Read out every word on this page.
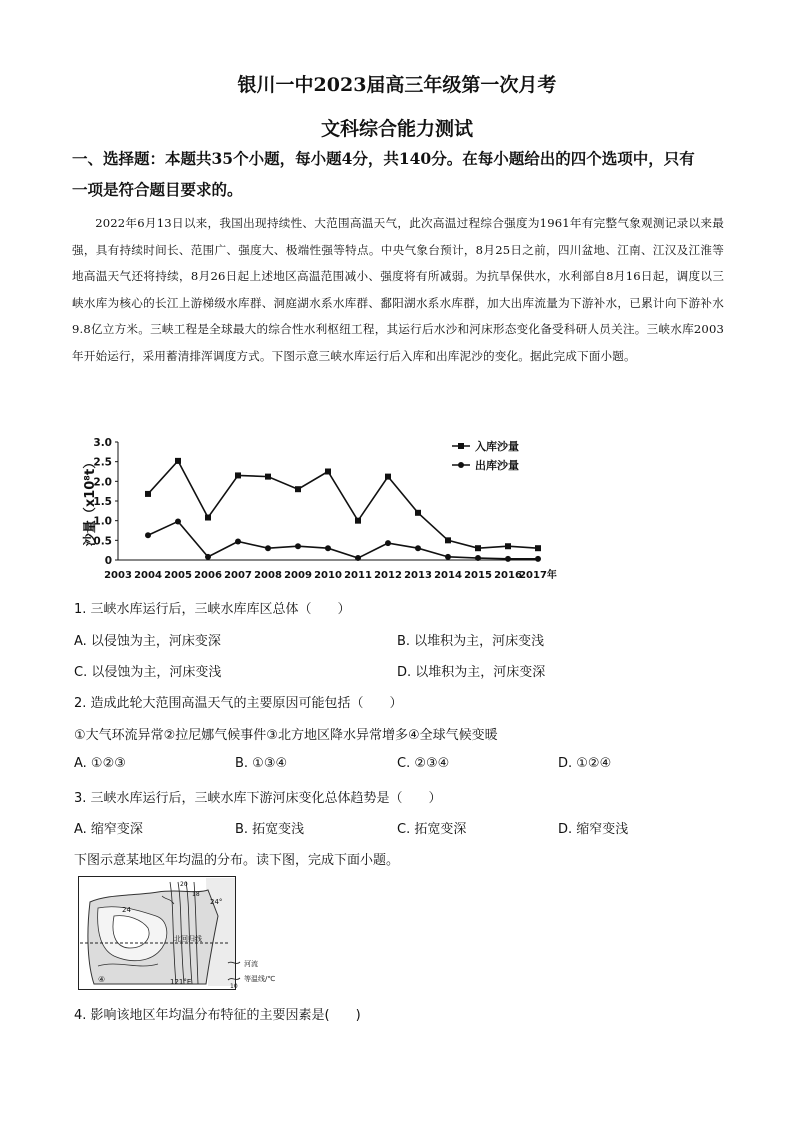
银川一中2023届高三年级第一次月考
文科综合能力测试
一、选择题：本题共35个小题，每小题4分，共140分。在每小题给出的四个选项中，只有
一项是符合题目要求的。
2022年6月13日以来，我国出现持续性、大范围高温天气，此次高温过程综合强度为1961年有完整气象观测记录以来最强，具有持续时间长、范围广、强度大、极端性强等特点。中央气象台预计，8月25日之前，四川盆地、江南、江汉及江淮等地高温天气还将持续，8月26日起上述地区高温范围减小、强度将有所减弱。为抗旱保供水，水利部自8月16日起，调度以三峡水库为核心的长江上游梯级水库群、洞庭湖水系水库群、鄱阳湖水系水库群，加大出库流量为下游补水，已累计向下游补水9.8亿立方米。三峡工程是全球最大的综合性水利枢纽工程，其运行后水沙和河床形态变化备受科研人员关注。三峡水库2003年开始运行，采用蓄清排浑调度方式。下图示意三峡水库运行后入库和出库泥沙的变化。据此完成下面小题。
0
0.5
1.0
1.5
2.0
2.5
3.0
2003 2004 2005 2006 2007 2008 2009 2010 2011 2012 2013 2014 2015 2016
2017年
沙量（x10⁸t）
入库沙量
出库沙量
1. 三峡水库运行后，三峡水库库区总体（　　）
A. 以侵蚀为主，河床变深	B. 以堆积为主，河床变浅
C. 以侵蚀为主，河床变浅	D. 以堆积为主，河床变深
2. 造成此轮大范围高温天气的主要原因可能包括（　　）
①大气环流异常②拉尼娜气候事件③北方地区降水异常增多④全球气候变暖
A. ①②③	B. ①③④	C. ②③④	D. ①②④
3. 三峡水库运行后，三峡水库下游河床变化总体趋势是（　　）
A. 缩窄变深	B. 拓宽变浅	C. 拓宽变深	D. 缩窄变浅
下图示意某地区年均温的分布。读下图，完成下面小题。
北回归线
24
24°
20
18
121°E
④
河流
10
等温线/℃
4. 影响该地区年均温分布特征的主要因素是(　　)
